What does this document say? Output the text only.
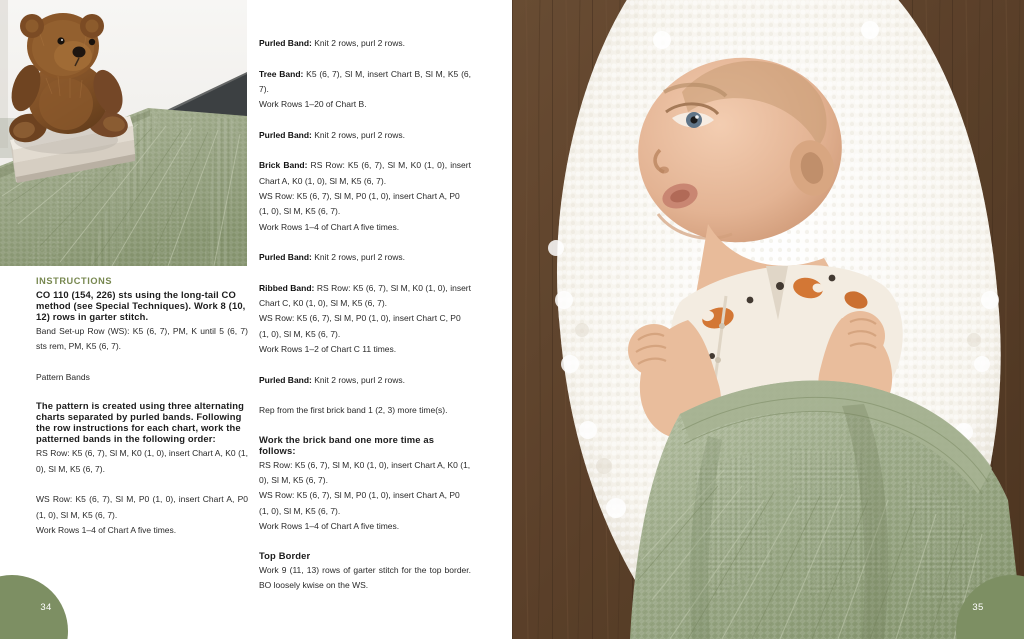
INSTRUCTIONS
CO 110 (154, 226) sts using the long-tail CO method (see Special Techniques). Work 8 (10, 12) rows in garter stitch.

Band Set-up Row (WS): K5 (6, 7), PM, K until 5 (6, 7) sts rem, PM, K5 (6, 7).

Pattern Bands

The pattern is created using three alternating charts separated by purled bands. Following the row instructions for each chart, work the patterned bands in the following order:

RS Row: K5 (6, 7), Sl M, K0 (1, 0), insert Chart A, K0 (1, 0), Sl M, K5 (6, 7).

WS Row: K5 (6, 7), Sl M, P0 (1, 0), insert Chart A, P0 (1, 0), Sl M, K5 (6, 7).

Work Rows 1–4 of Chart A five times.

Purled Band: Knit 2 rows, purl 2 rows.

Tree Band: K5 (6, 7), Sl M, insert Chart B, Sl M, K5 (6, 7).

Work Rows 1–20 of Chart B.

Purled Band: Knit 2 rows, purl 2 rows.

Brick Band: RS Row: K5 (6, 7), Sl M, K0 (1, 0), insert Chart A, K0 (1, 0), Sl M, K5 (6, 7).

WS Row: K5 (6, 7), Sl M, P0 (1, 0), insert Chart A, P0 (1, 0), Sl M, K5 (6, 7).

Work Rows 1–4 of Chart A five times.

Purled Band: Knit 2 rows, purl 2 rows.

Ribbed Band: RS Row: K5 (6, 7), Sl M, K0 (1, 0), insert Chart C, K0 (1, 0), Sl M, K5 (6, 7).

WS Row: K5 (6, 7), Sl M, P0 (1, 0), insert Chart C, P0 (1, 0), Sl M, K5 (6, 7).

Work Rows 1–2 of Chart C 11 times.

Purled Band: Knit 2 rows, purl 2 rows.

Rep from the first brick band 1 (2, 3) more time(s).

Work the brick band one more time as follows:

RS Row: K5 (6, 7), Sl M, K0 (1, 0), insert Chart A, K0 (1, 0), Sl M, K5 (6, 7).

WS Row: K5 (6, 7), Sl M, P0 (1, 0), insert Chart A, P0 (1, 0), Sl M, K5 (6, 7).

Work Rows 1–4 of Chart A five times.

Top Border

Work 9 (11, 13) rows of garter stitch for the top border. BO loosely kwise on the WS.

34	35
